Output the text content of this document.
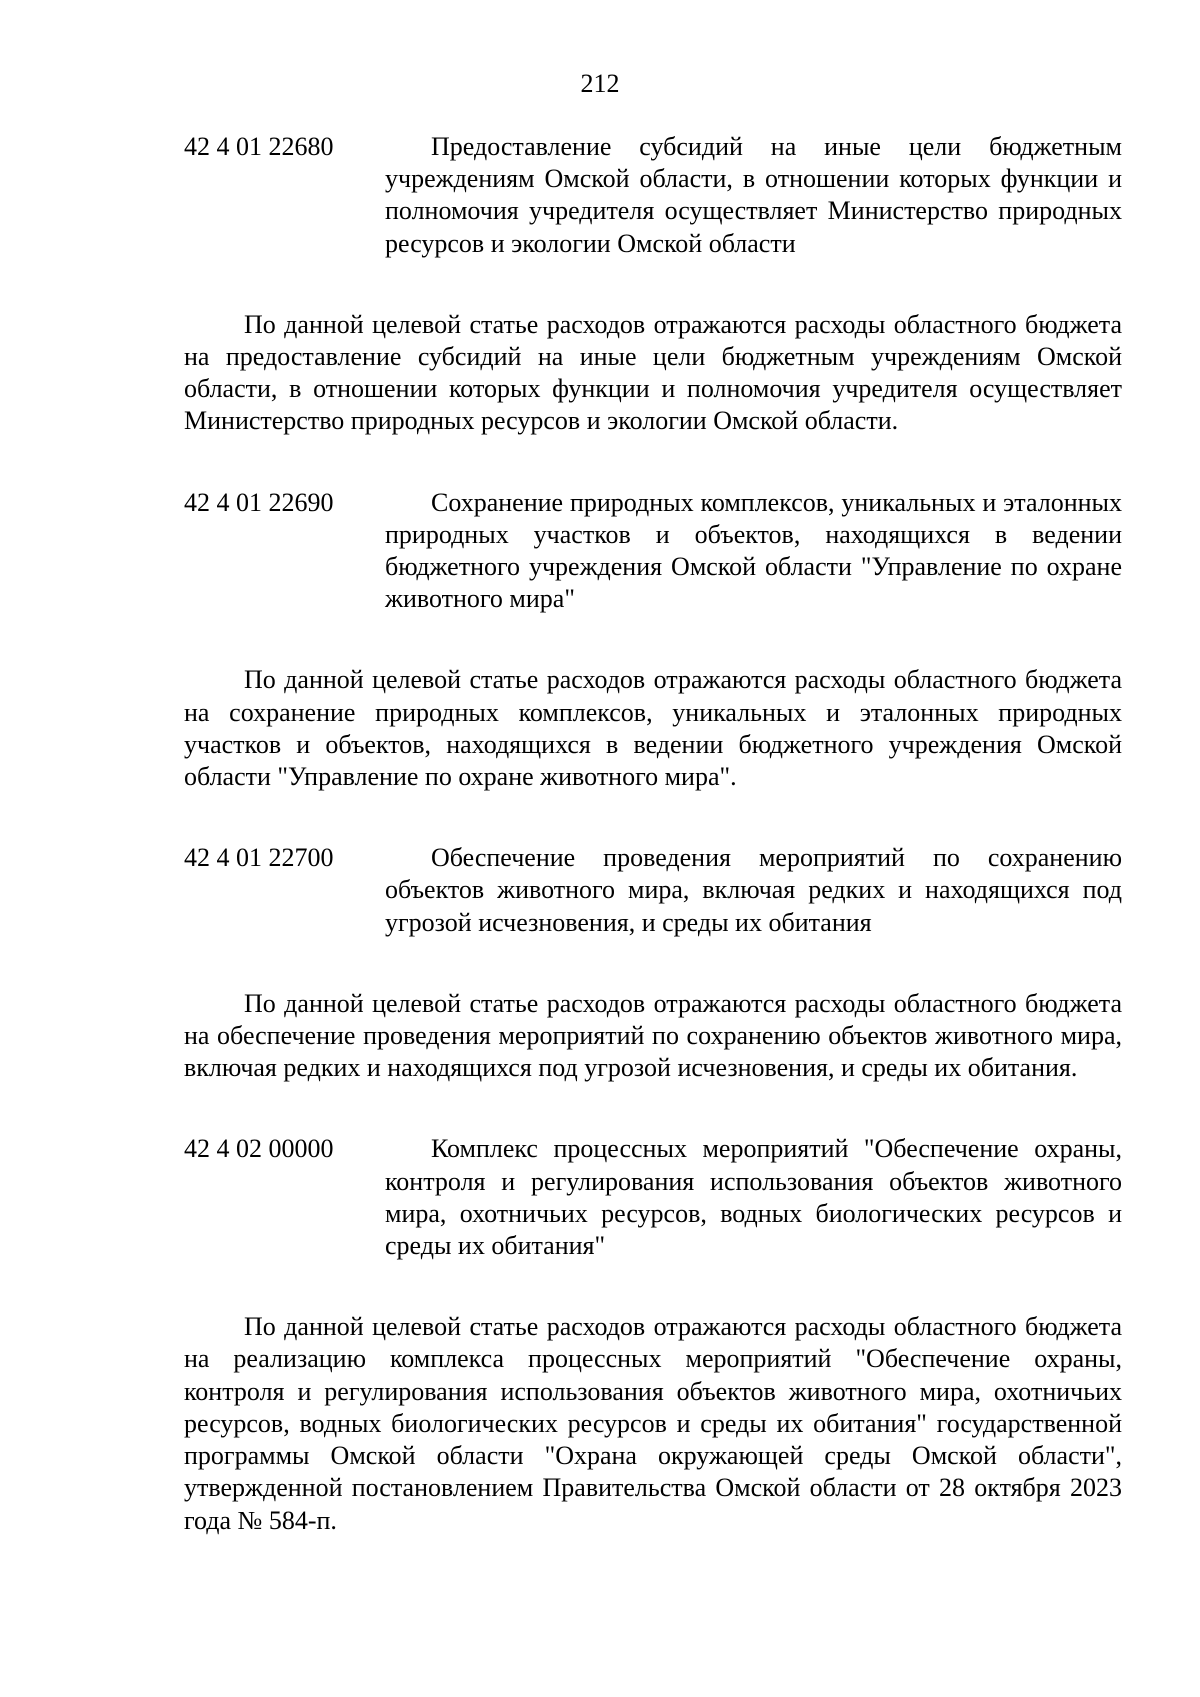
212
42 4 01 22680	Предоставление субсидий на иные цели бюджетным учреждениям Омской области, в отношении которых функции и полномочия учредителя осуществляет Министерство природных ресурсов и экологии Омской области

По данной целевой статье расходов отражаются расходы областного бюджета на предоставление субсидий на иные цели бюджетным учреждениям Омской области, в отношении которых функции и полномочия учредителя осуществляет Министерство природных ресурсов и экологии Омской области.

42 4 01 22690	Сохранение природных комплексов, уникальных и эталонных природных участков и объектов, находящихся в ведении бюджетного учреждения Омской области "Управление по охране животного мира"

По данной целевой статье расходов отражаются расходы областного бюджета на сохранение природных комплексов, уникальных и эталонных природных участков и объектов, находящихся в ведении бюджетного учреждения Омской области "Управление по охране животного мира".

42 4 01 22700	Обеспечение проведения мероприятий по сохранению объектов животного мира, включая редких и находящихся под угрозой исчезновения, и среды их обитания

По данной целевой статье расходов отражаются расходы областного бюджета на обеспечение проведения мероприятий по сохранению объектов животного мира, включая редких и находящихся под угрозой исчезновения, и среды их обитания.

42 4 02 00000	Комплекс процессных мероприятий "Обеспечение охраны, контроля и регулирования использования объектов животного мира, охотничьих ресурсов, водных биологических ресурсов и среды их обитания"

По данной целевой статье расходов отражаются расходы областного бюджета на реализацию комплекса процессных мероприятий "Обеспечение охраны, контроля и регулирования использования объектов животного мира, охотничьих ресурсов, водных биологических ресурсов и среды их обитания" государственной программы Омской области "Охрана окружающей среды Омской области", утвержденной постановлением Правительства Омской области от 28 октября 2023 года № 584-п.
